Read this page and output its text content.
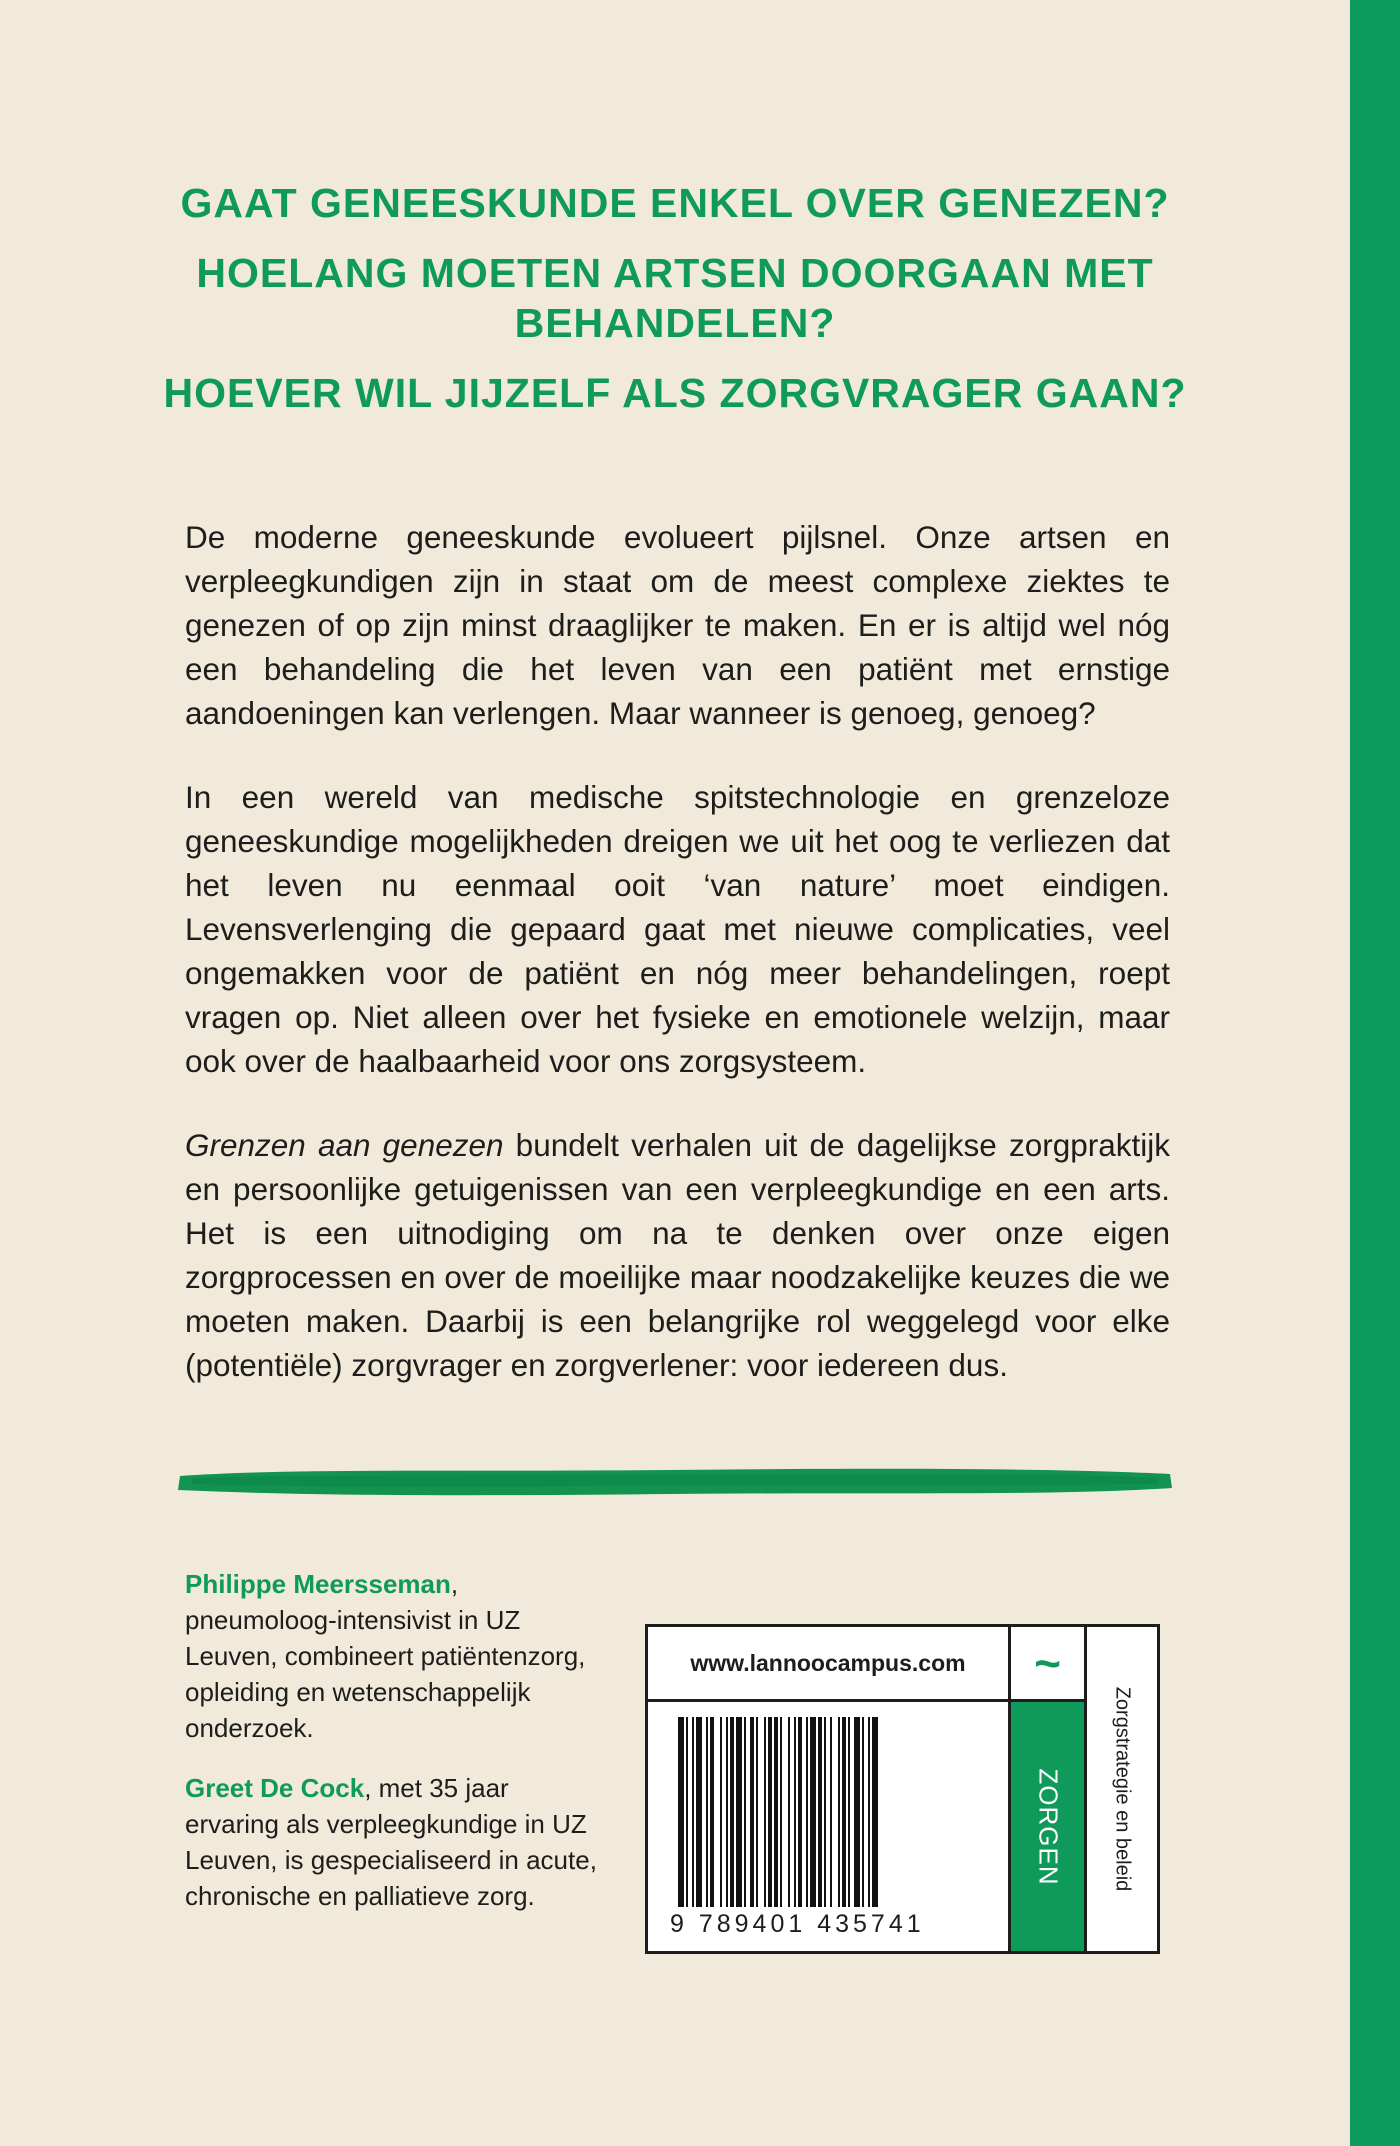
GAAT GENEESKUNDE ENKEL OVER GENEZEN?

HOELANG MOETEN ARTSEN DOORGAAN MET BEHANDELEN?

HOEVER WIL JIJZELF ALS ZORGVRAGER GAAN?

De moderne geneeskunde evolueert pijlsnel. Onze artsen en verpleegkundigen zijn in staat om de meest complexe ziektes te genezen of op zijn minst draaglijker te maken. En er is altijd wel nóg een behandeling die het leven van een patiënt met ernstige aandoeningen kan verlengen. Maar wanneer is genoeg, genoeg?

In een wereld van medische spitstechnologie en grenzeloze geneeskundige mogelijkheden dreigen we uit het oog te verliezen dat het leven nu eenmaal ooit ‘van nature’ moet eindigen. Levensverlenging die gepaard gaat met nieuwe complicaties, veel ongemakken voor de patiënt en nóg meer behandelingen, roept vragen op. Niet alleen over het fysieke en emotionele welzijn, maar ook over de haalbaarheid voor ons zorgsysteem.

Grenzen aan genezen bundelt verhalen uit de dagelijkse zorgpraktijk en persoonlijke getuigenissen van een verpleegkundige en een arts. Het is een uitnodiging om na te denken over onze eigen zorgprocessen en over de moeilijke maar noodzakelijke keuzes die we moeten maken. Daarbij is een belangrijke rol weggelegd voor elke (potentiële) zorgvrager en zorgverlener: voor iedereen dus.

Philippe Meersseman, pneumoloog-intensivist in UZ Leuven, combineert patiëntenzorg, opleiding en wetenschappelijk onderzoek.

Greet De Cock, met 35 jaar ervaring als verpleegkundige in UZ Leuven, is gespecialiseerd in acute, chronische en palliatieve zorg.

www.lannoocampus.com	~
9 789401 435741
ZORGEN Zorgstrategie en beleid
